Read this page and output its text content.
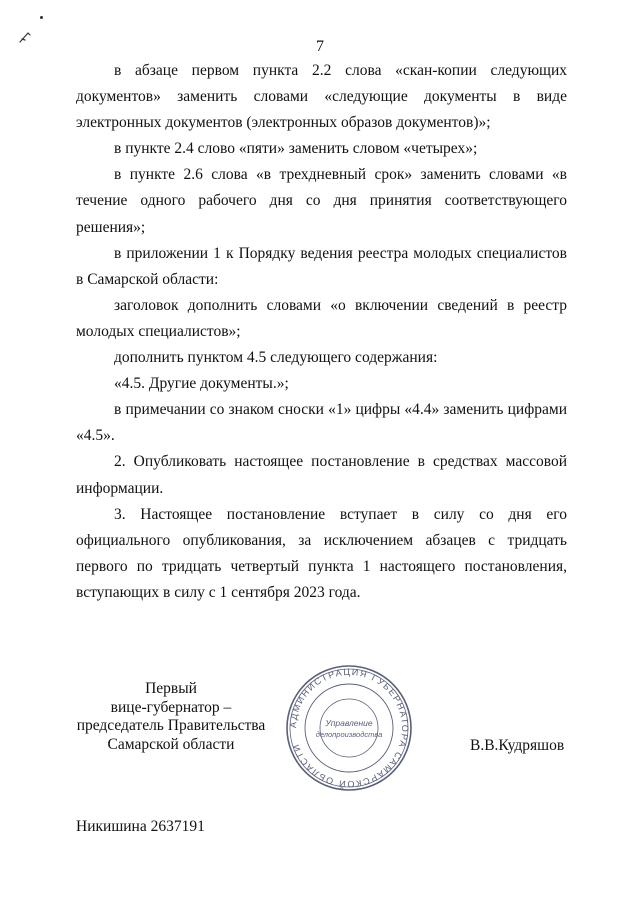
7

в абзаце первом пункта 2.2 слова «скан-копии следующих документов» заменить словами «следующие документы в виде электронных документов (электронных образов документов)»;

в пункте 2.4 слово «пяти» заменить словом «четырех»;

в пункте 2.6 слова «в трехдневный срок» заменить словами «в течение одного рабочего дня со дня принятия соответствующего решения»;

в приложении 1 к Порядку ведения реестра молодых специалистов в Самарской области:

заголовок дополнить словами «о включении сведений в реестр молодых специалистов»;

дополнить пунктом 4.5 следующего содержания:

«4.5. Другие документы.»;

в примечании со знаком сноски «1» цифры «4.4» заменить цифрами «4.5».

2. Опубликовать настоящее постановление в средствах массовой информации.

3. Настоящее постановление вступает в силу со дня его официального опубликования, за исключением абзацев с тридцать первого по тридцать четвертый пункта 1 настоящего постановления, вступающих в силу с 1 сентября 2023 года.

Первый
вице-губернатор –
председатель Правительства
Самарской области
АДМИНИСТРАЦИЯ ГУБЕРНАТОРА САМАРСКОЙ ОБЛАСТИ
Управление
делопроизводства
В.В.Кудряшов
Никишина 2637191
